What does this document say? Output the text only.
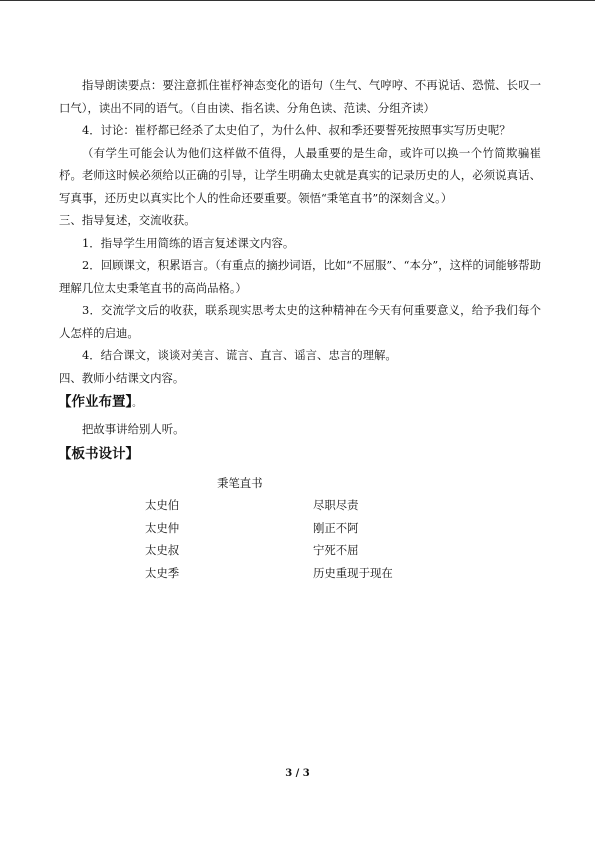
指导朗读要点：要注意抓住崔杼神态变化的语句（生气、气哼哼、不再说话、恐慌、长叹一口气），读出不同的语气。（自由读、指名读、分角色读、范读、分组齐读）

4．讨论：崔杼都已经杀了太史伯了，为什么仲、叔和季还要誓死按照事实写历史呢？

（有学生可能会认为他们这样做不值得，人最重要的是生命，或许可以换一个竹简欺骗崔杼。老师这时候必须给以正确的引导，让学生明确太史就是真实的记录历史的人，必须说真话、写真事，还历史以真实比个人的性命还要重要。领悟“秉笔直书”的深刻含义。）

三、指导复述，交流收获。

1．指导学生用简练的语言复述课文内容。

2．回顾课文，积累语言。（有重点的摘抄词语，比如“不屈服”、“本分”，这样的词能够帮助理解几位太史秉笔直书的高尚品格。）

3．交流学文后的收获，联系现实思考太史的这种精神在今天有何重要意义，给予我们每个人怎样的启迪。

4．结合课文，谈谈对美言、谎言、直言、谣言、忠言的理解。

四、教师小结课文内容。

【作业布置】。

把故事讲给别人听。

【板书设计】
秉笔直书
太史伯	尽职尽责
太史仲	刚正不阿
太史叔	宁死不屈
太史季	历史重现于现在
3 / 3
